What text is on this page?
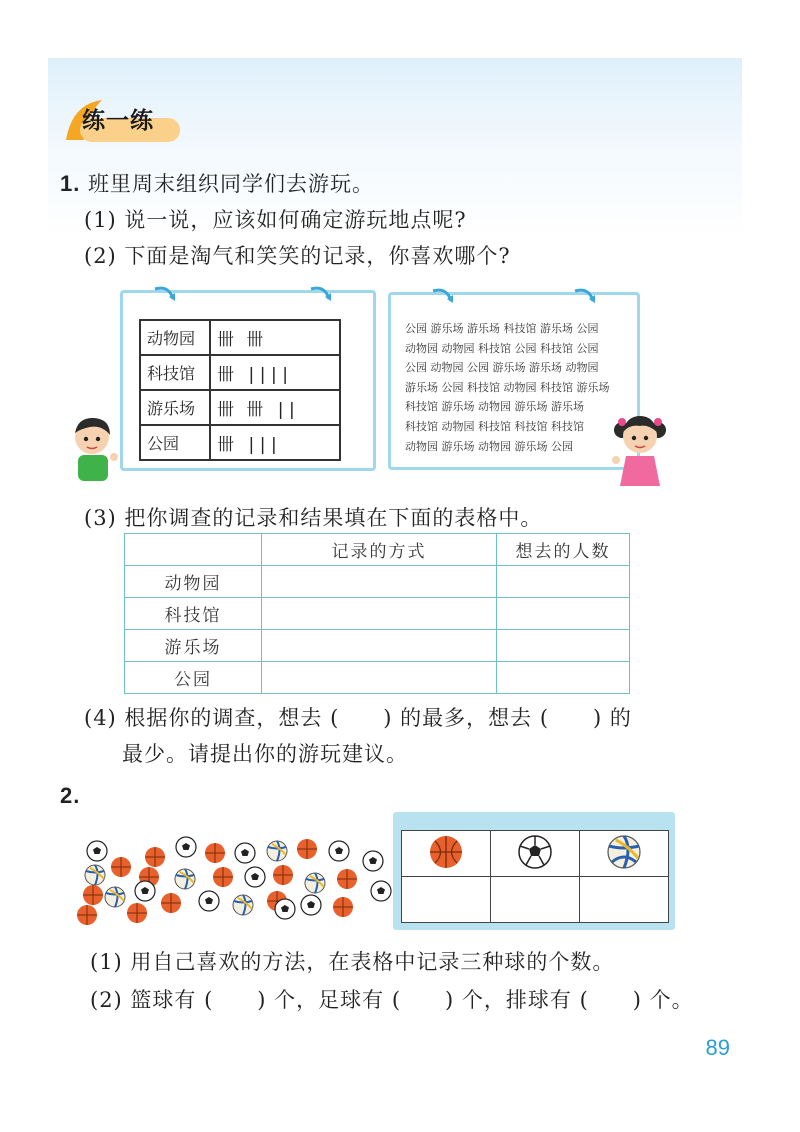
练一练
1. 班里周末组织同学们去游玩。
(1) 说一说，应该如何确定游玩地点呢?
(2) 下面是淘气和笑笑的记录，你喜欢哪个?
动物园	卌 卌
科技馆	卌 ||||
游乐场	卌 卌 ||
公园	卌 |||
公园 游乐场 游乐场 科技馆 游乐场 公园
动物园 动物园 科技馆 公园 科技馆 公园
公园 动物园 公园 游乐场 游乐场 动物园
游乐场 公园 科技馆 动物园 科技馆 游乐场
科技馆 游乐场 动物园 游乐场 游乐场
科技馆 动物园 科技馆 科技馆 科技馆
动物园 游乐场 动物园 游乐场 公园
(3) 把你调查的记录和结果填在下面的表格中。
	记录的方式	想去的人数
动物园		
科技馆		
游乐场		
公园		
(4) 根据你的调查，想去 (　　) 的最多，想去 (　　) 的
最少。请提出你的游玩建议。
2.

(1) 用自己喜欢的方法，在表格中记录三种球的个数。
(2) 篮球有 (　　) 个，足球有 (　　) 个，排球有 (　　) 个。
89
